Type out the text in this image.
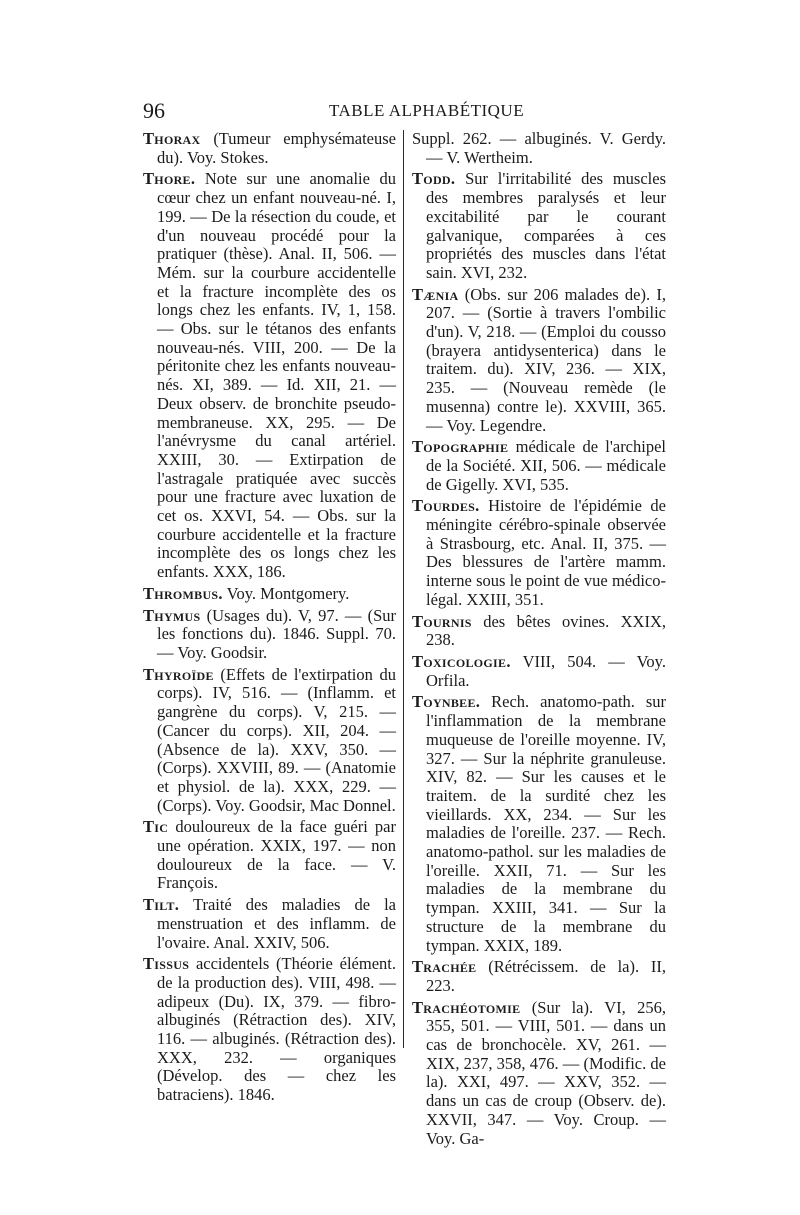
96	TABLE ALPHABÉTIQUE

Thorax (Tumeur emphysémateuse du). Voy. Stokes.

Thore. Note sur une anomalie du cœur chez un enfant nouveau-né. I, 199. — De la résection du coude, et d'un nouveau procédé pour la pratiquer (thèse). Anal. II, 506. — Mém. sur la courbure accidentelle et la fracture incomplète des os longs chez les enfants. IV, 1, 158. — Obs. sur le tétanos des enfants nouveau-nés. VIII, 200. — De la péritonite chez les enfants nouveau-nés. XI, 389. — Id. XII, 21. — Deux observ. de bronchite pseudo-membraneuse. XX, 295. — De l'anévrysme du canal artériel. XXIII, 30. — Extirpation de l'astragale pratiquée avec succès pour une fracture avec luxation de cet os. XXVI, 54. — Obs. sur la courbure accidentelle et la fracture incomplète des os longs chez les enfants. XXX, 186.

Thrombus. Voy. Montgomery.

Thymus (Usages du). V, 97. — (Sur les fonctions du). 1846. Suppl. 70. — Voy. Goodsir.

Thyroïde (Effets de l'extirpation du corps). IV, 516. — (Inflamm. et gangrène du corps). V, 215. — (Cancer du corps). XII, 204. — (Absence de la). XXV, 350. — (Corps). XXVIII, 89. — (Anatomie et physiol. de la). XXX, 229. — (Corps). Voy. Goodsir, Mac Donnel.

Tic douloureux de la face guéri par une opération. XXIX, 197. — non douloureux de la face. — V. François.

Tilt. Traité des maladies de la menstruation et des inflamm. de l'ovaire. Anal. XXIV, 506.

Tissus accidentels (Théorie élément. de la production des). VIII, 498. — adipeux (Du). IX, 379. — fibro-albuginés (Rétraction des). XIV, 116. — albuginés. (Rétraction des). XXX, 232. — organiques (Dévelop. des — chez les batraciens). 1846.

Suppl. 262. — albuginés. V. Gerdy. — V. Wertheim.

Todd. Sur l'irritabilité des muscles des membres paralysés et leur excitabilité par le courant galvanique, comparées à ces propriétés des muscles dans l'état sain. XVI, 232.

Tænia (Obs. sur 206 malades de). I, 207. — (Sortie à travers l'ombilic d'un). V, 218. — (Emploi du cousso (brayera antidysenterica) dans le traitem. du). XIV, 236. — XIX, 235. — (Nouveau remède (le musenna) contre le). XXVIII, 365. — Voy. Legendre.

Topographie médicale de l'archipel de la Société. XII, 506. — médicale de Gigelly. XVI, 535.

Tourdes. Histoire de l'épidémie de méningite cérébro-spinale observée à Strasbourg, etc. Anal. II, 375. — Des blessures de l'artère mamm. interne sous le point de vue médico-légal. XXIII, 351.

Tournis des bêtes ovines. XXIX, 238.

Toxicologie. VIII, 504. — Voy. Orfila.

Toynbee. Rech. anatomo-path. sur l'inflammation de la membrane muqueuse de l'oreille moyenne. IV, 327. — Sur la néphrite granuleuse. XIV, 82. — Sur les causes et le traitem. de la surdité chez les vieillards. XX, 234. — Sur les maladies de l'oreille. 237. — Rech. anatomo-pathol. sur les maladies de l'oreille. XXII, 71. — Sur les maladies de la membrane du tympan. XXIII, 341. — Sur la structure de la membrane du tympan. XXIX, 189.

Trachée (Rétrécissem. de la). II, 223.

Trachéotomie (Sur la). VI, 256, 355, 501. — VIII, 501. — dans un cas de bronchocèle. XV, 261. — XIX, 237, 358, 476. — (Modific. de la). XXI, 497. — XXV, 352. — dans un cas de croup (Observ. de). XXVII, 347. — Voy. Croup. — Voy. Ga-
